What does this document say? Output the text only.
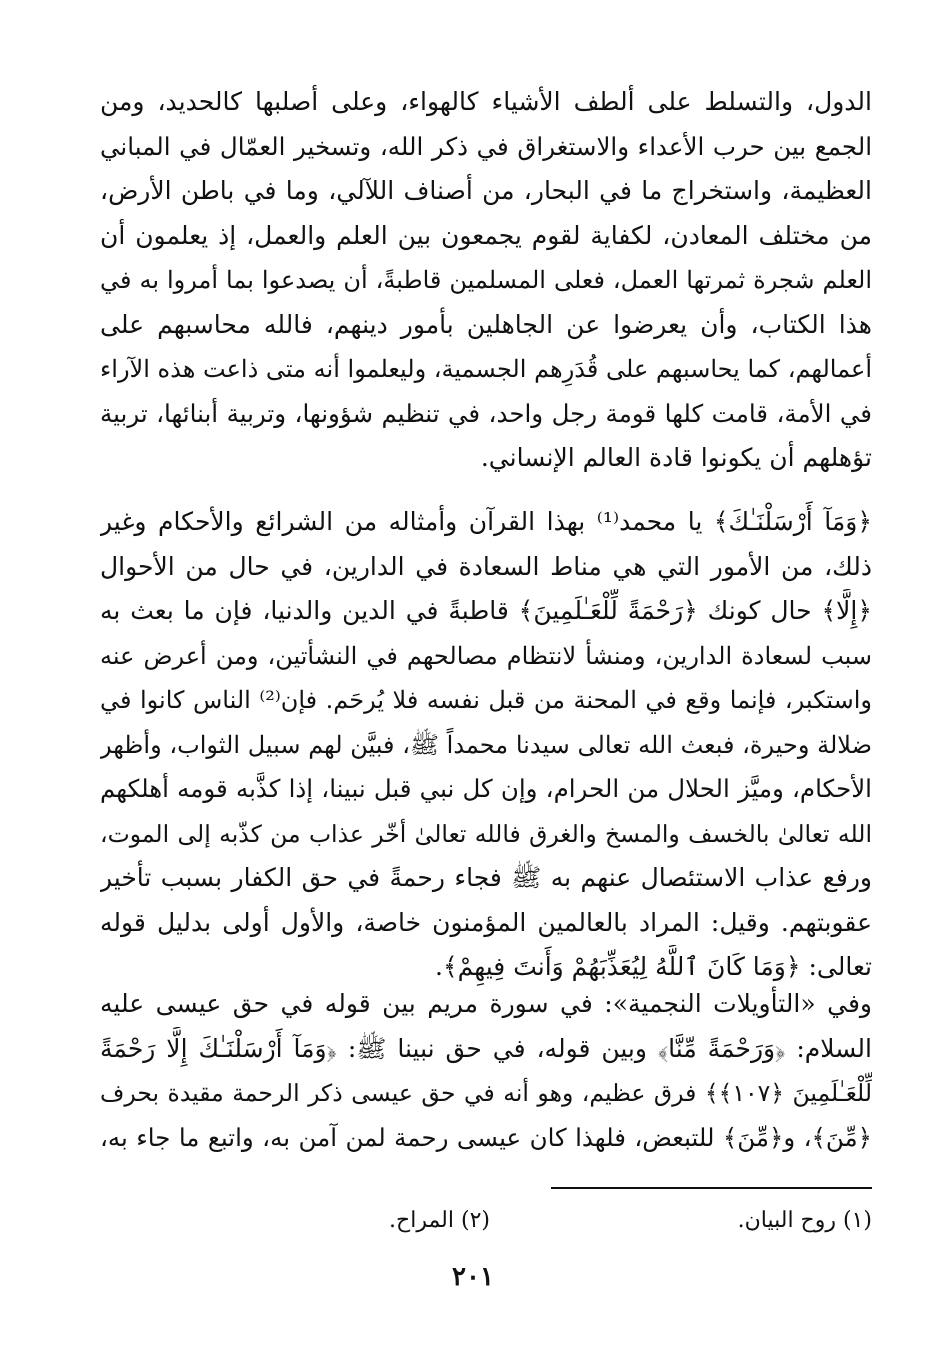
الدول، والتسلط على ألطف الأشياء كالهواء، وعلى أصلبها كالحديد، ومن
الجمع بين حرب الأعداء والاستغراق في ذكر الله، وتسخير العمّال في المباني
العظيمة، واستخراج ما في البحار، من أصناف اللآلي، وما في باطن الأرض،
من مختلف المعادن، لكفاية لقوم يجمعون بين العلم والعمل، إذ يعلمون أن
العلم شجرة ثمرتها العمل، فعلى المسلمين قاطبةً، أن يصدعوا بما أمروا به في
هذا الكتاب، وأن يعرضوا عن الجاهلين بأمور دينهم، فالله محاسبهم على
أعمالهم، كما يحاسبهم على قُدَرِهم الجسمية، وليعلموا أنه متى ذاعت هذه الآراء
في الأمة، قامت كلها قومة رجل واحد، في تنظيم شؤونها، وتربية أبنائها، تربية
تؤهلهم أن يكونوا قادة العالم الإنساني.
﴿وَمَآ أَرْسَلْنَـٰكَ﴾ يا محمد⁽¹⁾ بهذا القرآن وأمثاله من الشرائع والأحكام وغير
ذلك، من الأمور التي هي مناط السعادة في الدارين، في حال من الأحوال
﴿إِلَّا﴾ حال كونك ﴿رَحْمَةً لِّلْعَـٰلَمِينَ﴾ قاطبةً في الدين والدنيا، فإن ما بعث به
سبب لسعادة الدارين، ومنشأ لانتظام مصالحهم في النشأتين، ومن أعرض عنه
واستكبر، فإنما وقع في المحنة من قبل نفسه فلا يُرحَم. فإن⁽²⁾ الناس كانوا في
ضلالة وحيرة، فبعث الله تعالى سيدنا محمداً ﷺ، فبيَّن لهم سبيل الثواب، وأظهر
الأحكام، وميَّز الحلال من الحرام، وإن كل نبي قبل نبينا، إذا كذَّبه قومه أهلكهم
الله تعالىٰ بالخسف والمسخ والغرق فالله تعالىٰ أخّر عذاب من كذّبه إلى الموت،
ورفع عذاب الاستئصال عنهم به ﷺ فجاء رحمةً في حق الكفار بسبب تأخير
عقوبتهم. وقيل: المراد بالعالمين المؤمنون خاصة، والأول أولى بدليل قوله
تعالى: ﴿وَمَا كَانَ ٱللَّهُ لِيُعَذِّبَهُمْ وَأَنتَ فِيهِمْ﴾.
وفي «التأويلات النجمية»: في سورة مريم بين قوله في حق عيسى عليه
السلام: ﴿وَرَحْمَةً مِّنَّا﴾ وبين قوله، في حق نبينا ﷺ: ﴿وَمَآ أَرْسَلْنَـٰكَ إِلَّا رَحْمَةً
لِّلْعَـٰلَمِينَ ﴿١٠٧﴾﴾ فرق عظيم، وهو أنه في حق عيسى ذكر الرحمة مقيدة بحرف
﴿مِّنَ﴾، و﴿مِّنَ﴾ للتبعض، فلهذا كان عيسى رحمة لمن آمن به، واتبع ما جاء به،
(١) روح البيان.
(٢) المراح.
٢٠١
